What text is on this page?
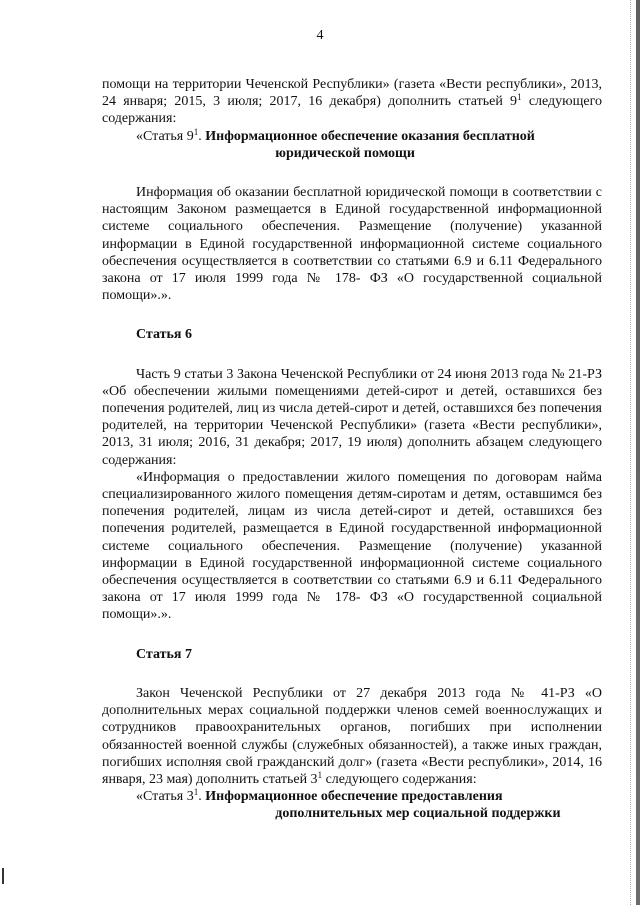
4

помощи на территории Чеченской Республики» (газета «Вести республики», 2013, 24 января; 2015, 3 июля; 2017, 16 декабря) дополнить статьей $9^1$ следующего содержания:

«Статья $9^1$. Информационное обеспечение оказания бесплатной
юридической помощи

Информация об оказании бесплатной юридической помощи в соответствии с настоящим Законом размещается в Единой государственной информационной системе социального обеспечения. Размещение (получение) указанной информации в Единой государственной информационной системе социального обеспечения осуществляется в соответствии со статьями 6.9 и 6.11 Федерального закона от 17 июля 1999 года № 178- ФЗ «О государственной социальной помощи».».

Статья 6

Часть 9 статьи 3 Закона Чеченской Республики от 24 июня 2013 года № 21-РЗ «Об обеспечении жилыми помещениями детей-сирот и детей, оставшихся без попечения родителей, лиц из числа детей-сирот и детей, оставшихся без попечения родителей, на территории Чеченской Республики» (газета «Вести республики», 2013, 31 июля; 2016, 31 декабря; 2017, 19 июля) дополнить абзацем следующего содержания:

«Информация о предоставлении жилого помещения по договорам найма специализированного жилого помещения детям-сиротам и детям, оставшимся без попечения родителей, лицам из числа детей-сирот и детей, оставшихся без попечения родителей, размещается в Единой государственной информационной системе социального обеспечения. Размещение (получение) указанной информации в Единой государственной информационной системе социального обеспечения осуществляется в соответствии со статьями 6.9 и 6.11 Федерального закона от 17 июля 1999 года № 178- ФЗ «О государственной социальной помощи».».

Статья 7

Закон Чеченской Республики от 27 декабря 2013 года № 41-РЗ «О дополнительных мерах социальной поддержки членов семей военнослужащих и сотрудников правоохранительных органов, погибших при исполнении обязанностей военной службы (служебных обязанностей), а также иных граждан, погибших исполняя свой гражданский долг» (газета «Вести республики», 2014, 16 января, 23 мая) дополнить статьей $3^1$ следующего содержания:

«Статья $3^1$. Информационное обеспечение предоставления
дополнительных мер социальной поддержки
